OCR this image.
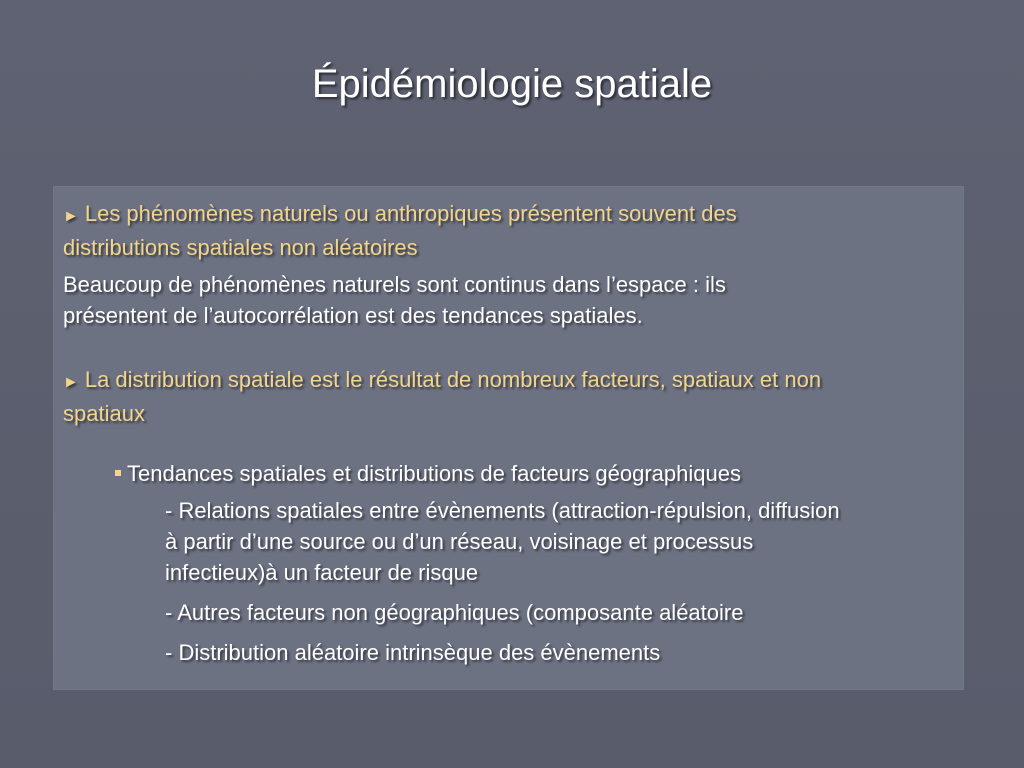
Épidémiologie spatiale
► Les phénomènes naturels ou anthropiques présentent souvent des
distributions spatiales non aléatoires
Beaucoup de phénomènes naturels sont continus dans l’espace : ils
présentent de l’autocorrélation est des tendances spatiales.
► La distribution spatiale est le résultat de nombreux facteurs, spatiaux et non
spatiaux
Tendances spatiales et distributions de facteurs géographiques
- Relations spatiales entre évènements (attraction-répulsion, diffusion
à partir d’une source ou d’un réseau, voisinage et processus
infectieux)à un facteur de risque
- Autres facteurs non géographiques (composante aléatoire
- Distribution aléatoire intrinsèque des évènements
